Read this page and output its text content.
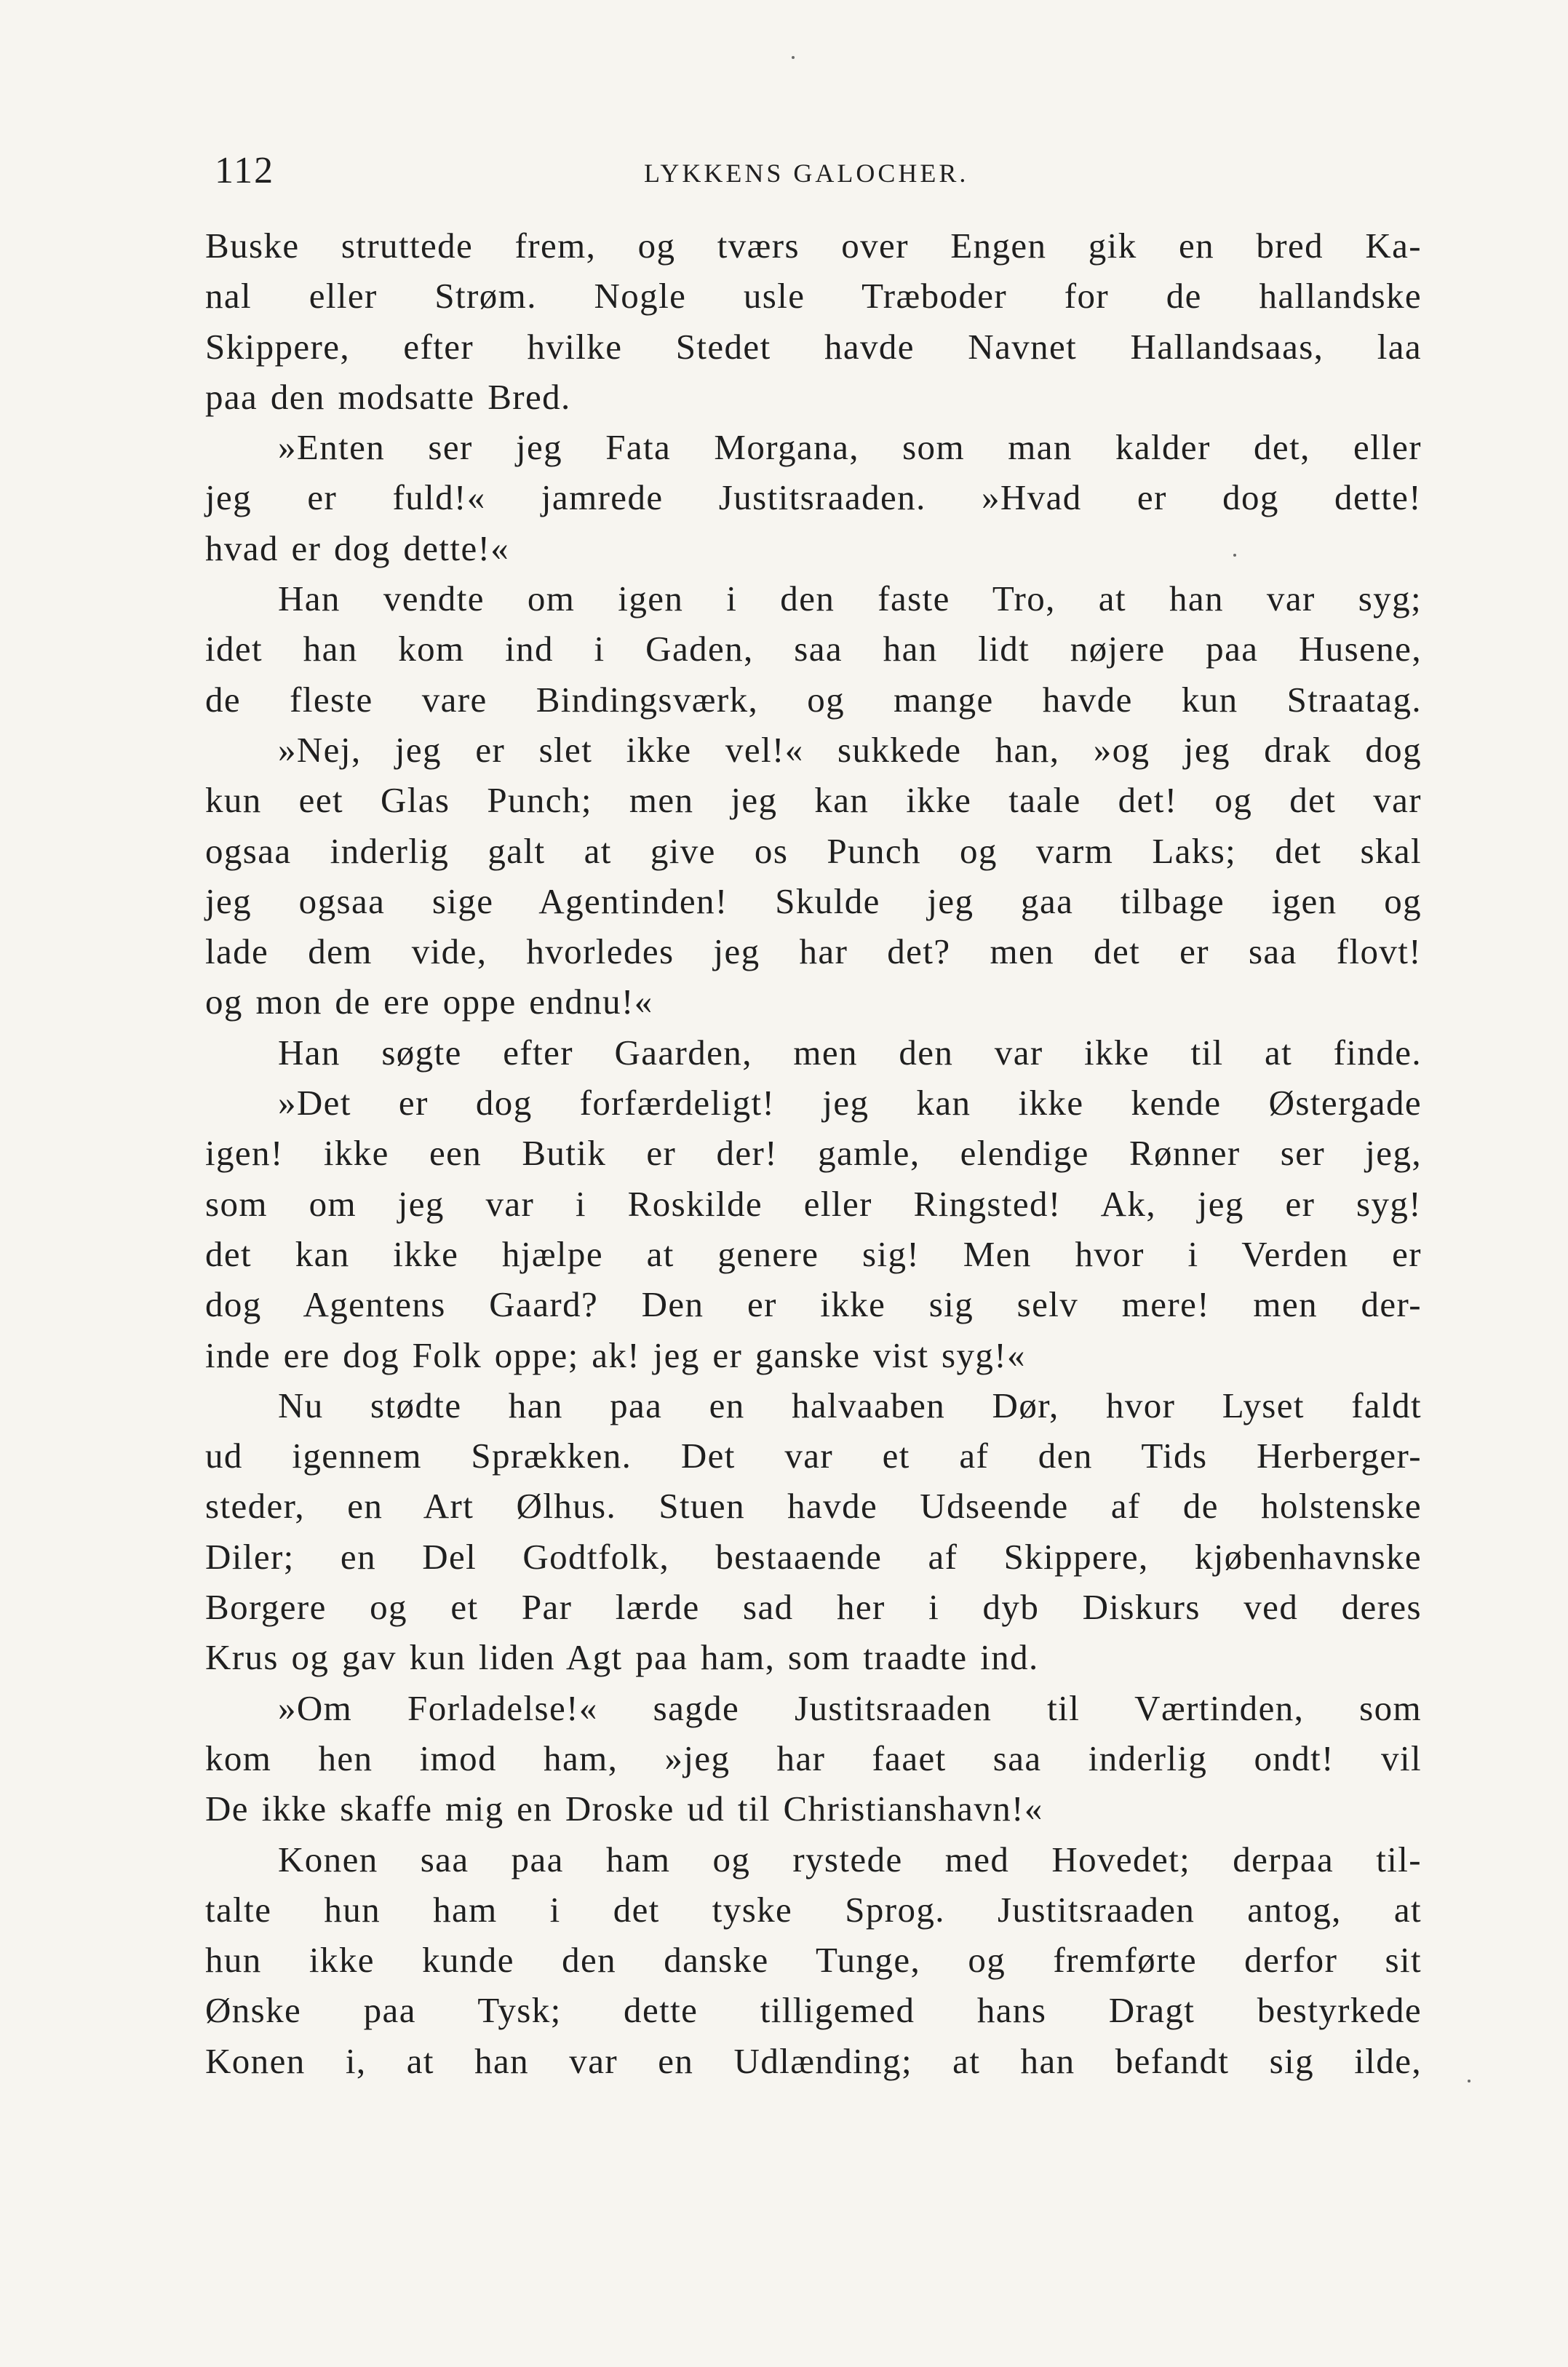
112	LYKKENS GALOCHER.
Buske struttede frem, og tværs over Engen gik en bred Ka-
nal eller Strøm. Nogle usle Træboder for de hallandske
Skippere, efter hvilke Stedet havde Navnet Hallandsaas, laa
paa den modsatte Bred.
»Enten ser jeg Fata Morgana, som man kalder det, eller
jeg er fuld!« jamrede Justitsraaden. »Hvad er dog dette!
hvad er dog dette!«
Han vendte om igen i den faste Tro, at han var syg;
idet han kom ind i Gaden, saa han lidt nøjere paa Husene,
de fleste vare Bindingsværk, og mange havde kun Straatag.
»Nej, jeg er slet ikke vel!« sukkede han, »og jeg drak dog
kun eet Glas Punch; men jeg kan ikke taale det! og det var
ogsaa inderlig galt at give os Punch og varm Laks; det skal
jeg ogsaa sige Agentinden! Skulde jeg gaa tilbage igen og
lade dem vide, hvorledes jeg har det? men det er saa flovt!
og mon de ere oppe endnu!«
Han søgte efter Gaarden, men den var ikke til at finde.
»Det er dog forfærdeligt! jeg kan ikke kende Østergade
igen! ikke een Butik er der! gamle, elendige Rønner ser jeg,
som om jeg var i Roskilde eller Ringsted! Ak, jeg er syg!
det kan ikke hjælpe at genere sig! Men hvor i Verden er
dog Agentens Gaard? Den er ikke sig selv mere! men der-
inde ere dog Folk oppe; ak! jeg er ganske vist syg!«
Nu stødte han paa en halvaaben Dør, hvor Lyset faldt
ud igennem Sprækken. Det var et af den Tids Herberger-
steder, en Art Ølhus. Stuen havde Udseende af de holstenske
Diler; en Del Godtfolk, bestaaende af Skippere, kjøbenhavnske
Borgere og et Par lærde sad her i dyb Diskurs ved deres
Krus og gav kun liden Agt paa ham, som traadte ind.
»Om Forladelse!« sagde Justitsraaden til Værtinden, som
kom hen imod ham, »jeg har faaet saa inderlig ondt! vil
De ikke skaffe mig en Droske ud til Christianshavn!«
Konen saa paa ham og rystede med Hovedet; derpaa til-
talte hun ham i det tyske Sprog. Justitsraaden antog, at
hun ikke kunde den danske Tunge, og fremførte derfor sit
Ønske paa Tysk; dette tilligemed hans Dragt bestyrkede
Konen i, at han var en Udlænding; at han befandt sig ilde,
